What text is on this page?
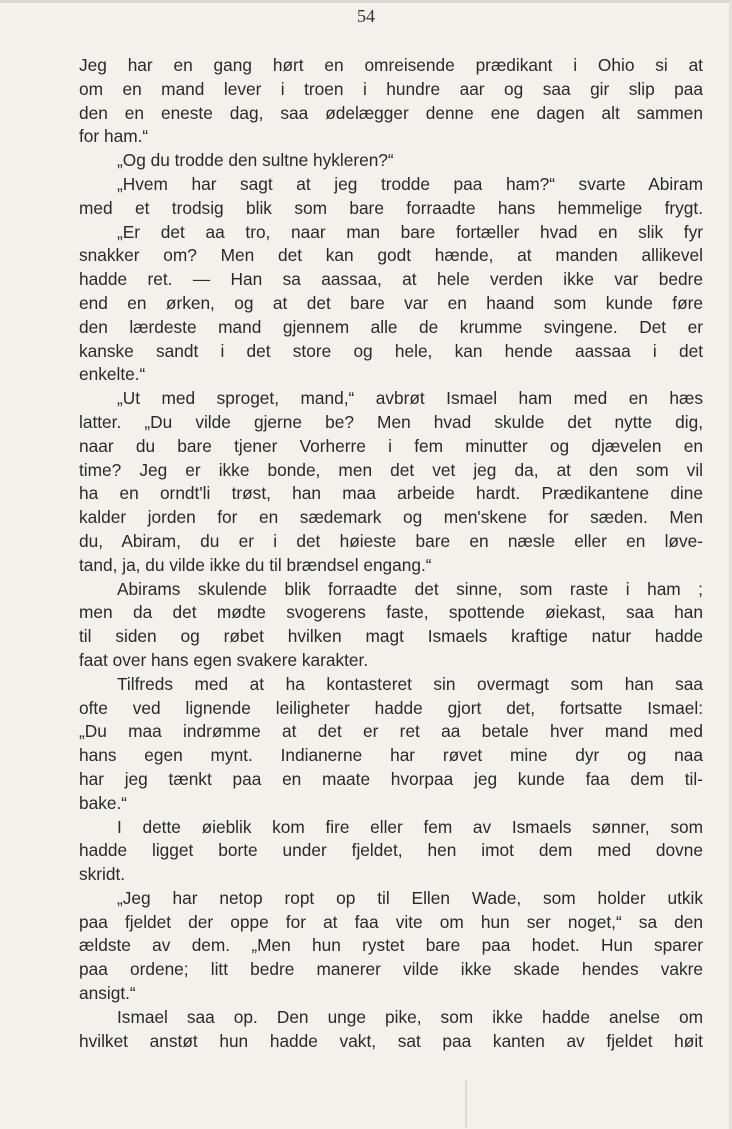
54
Jeg har en gang hørt en omreisende prædikant i Ohio si at
om en mand lever i troen i hundre aar og saa gir slip paa
den en eneste dag, saa ødelægger denne ene dagen alt sammen
for ham.“
„Og du trodde den sultne hykleren?“
„Hvem har sagt at jeg trodde paa ham?“ svarte Abiram
med et trodsig blik som bare forraadte hans hemmelige frygt.
„Er det aa tro, naar man bare fortæller hvad en slik fyr
snakker om? Men det kan godt hænde, at manden allikevel
hadde ret. — Han sa aassaa, at hele verden ikke var bedre
end en ørken, og at det bare var en haand som kunde føre
den lærdeste mand gjennem alle de krumme svingene. Det er
kanske sandt i det store og hele, kan hende aassaa i det
enkelte.“
„Ut med sproget, mand,“ avbrøt Ismael ham med en hæs
latter. „Du vilde gjerne be? Men hvad skulde det nytte dig,
naar du bare tjener Vorherre i fem minutter og djævelen en
time? Jeg er ikke bonde, men det vet jeg da, at den som vil
ha en orndt'li trøst, han maa arbeide hardt. Prædikantene dine
kalder jorden for en sædemark og men'skene for sæden. Men
du, Abiram, du er i det høieste bare en næsle eller en løve-
tand, ja, du vilde ikke du til brændsel engang.“
Abirams skulende blik forraadte det sinne, som raste i ham ;
men da det mødte svogerens faste, spottende øiekast, saa han
til siden og røbet hvilken magt Ismaels kraftige natur hadde
faat over hans egen svakere karakter.
Tilfreds med at ha kontasteret sin overmagt som han saa
ofte ved lignende leiligheter hadde gjort det, fortsatte Ismael:
„Du maa indrømme at det er ret aa betale hver mand med
hans egen mynt. Indianerne har røvet mine dyr og naa
har jeg tænkt paa en maate hvorpaa jeg kunde faa dem til-
bake.“
I dette øieblik kom fire eller fem av Ismaels sønner, som
hadde ligget borte under fjeldet, hen imot dem med dovne
skridt.
„Jeg har netop ropt op til Ellen Wade, som holder utkik
paa fjeldet der oppe for at faa vite om hun ser noget,“ sa den
ældste av dem. „Men hun rystet bare paa hodet. Hun sparer
paa ordene; litt bedre manerer vilde ikke skade hendes vakre
ansigt.“
Ismael saa op. Den unge pike, som ikke hadde anelse om
hvilket anstøt hun hadde vakt, sat paa kanten av fjeldet høit
